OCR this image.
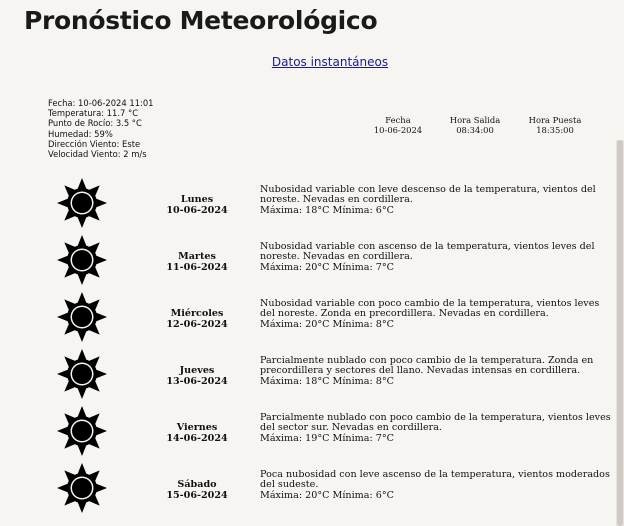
Pronóstico Meteorológico
Datos instantáneos
Fecha: 10-06-2024 11:01
Temperatura: 11.7 °C
Punto de Rocío: 3.5 °C
Humedad: 59%
Dirección Viento: Este
Velocidad Viento: 2 m/s
Fecha
10-06-2024
Hora Salida
08:34:00
Hora Puesta
18:35:00
Lunes
10-06-2024
Nubosidad variable con leve descenso de la temperatura, vientos del noreste. Nevadas en cordillera.
Máxima: 18°C Mínima: 6°C
Martes
11-06-2024
Nubosidad variable con ascenso de la temperatura, vientos leves del noreste. Nevadas en cordillera.
Máxima: 20°C Mínima: 7°C
Miércoles
12-06-2024
Nubosidad variable con poco cambio de la temperatura, vientos leves del noreste. Zonda en precordillera. Nevadas en cordillera.
Máxima: 20°C Mínima: 8°C
Jueves
13-06-2024
Parcialmente nublado con poco cambio de la temperatura. Zonda en precordillera y sectores del llano. Nevadas intensas en cordillera.
Máxima: 18°C Mínima: 8°C
Viernes
14-06-2024
Parcialmente nublado con poco cambio de la temperatura, vientos leves del sector sur. Nevadas en cordillera.
Máxima: 19°C Mínima: 7°C
Sábado
15-06-2024
Poca nubosidad con leve ascenso de la temperatura, vientos moderados del sudeste.
Máxima: 20°C Mínima: 6°C
